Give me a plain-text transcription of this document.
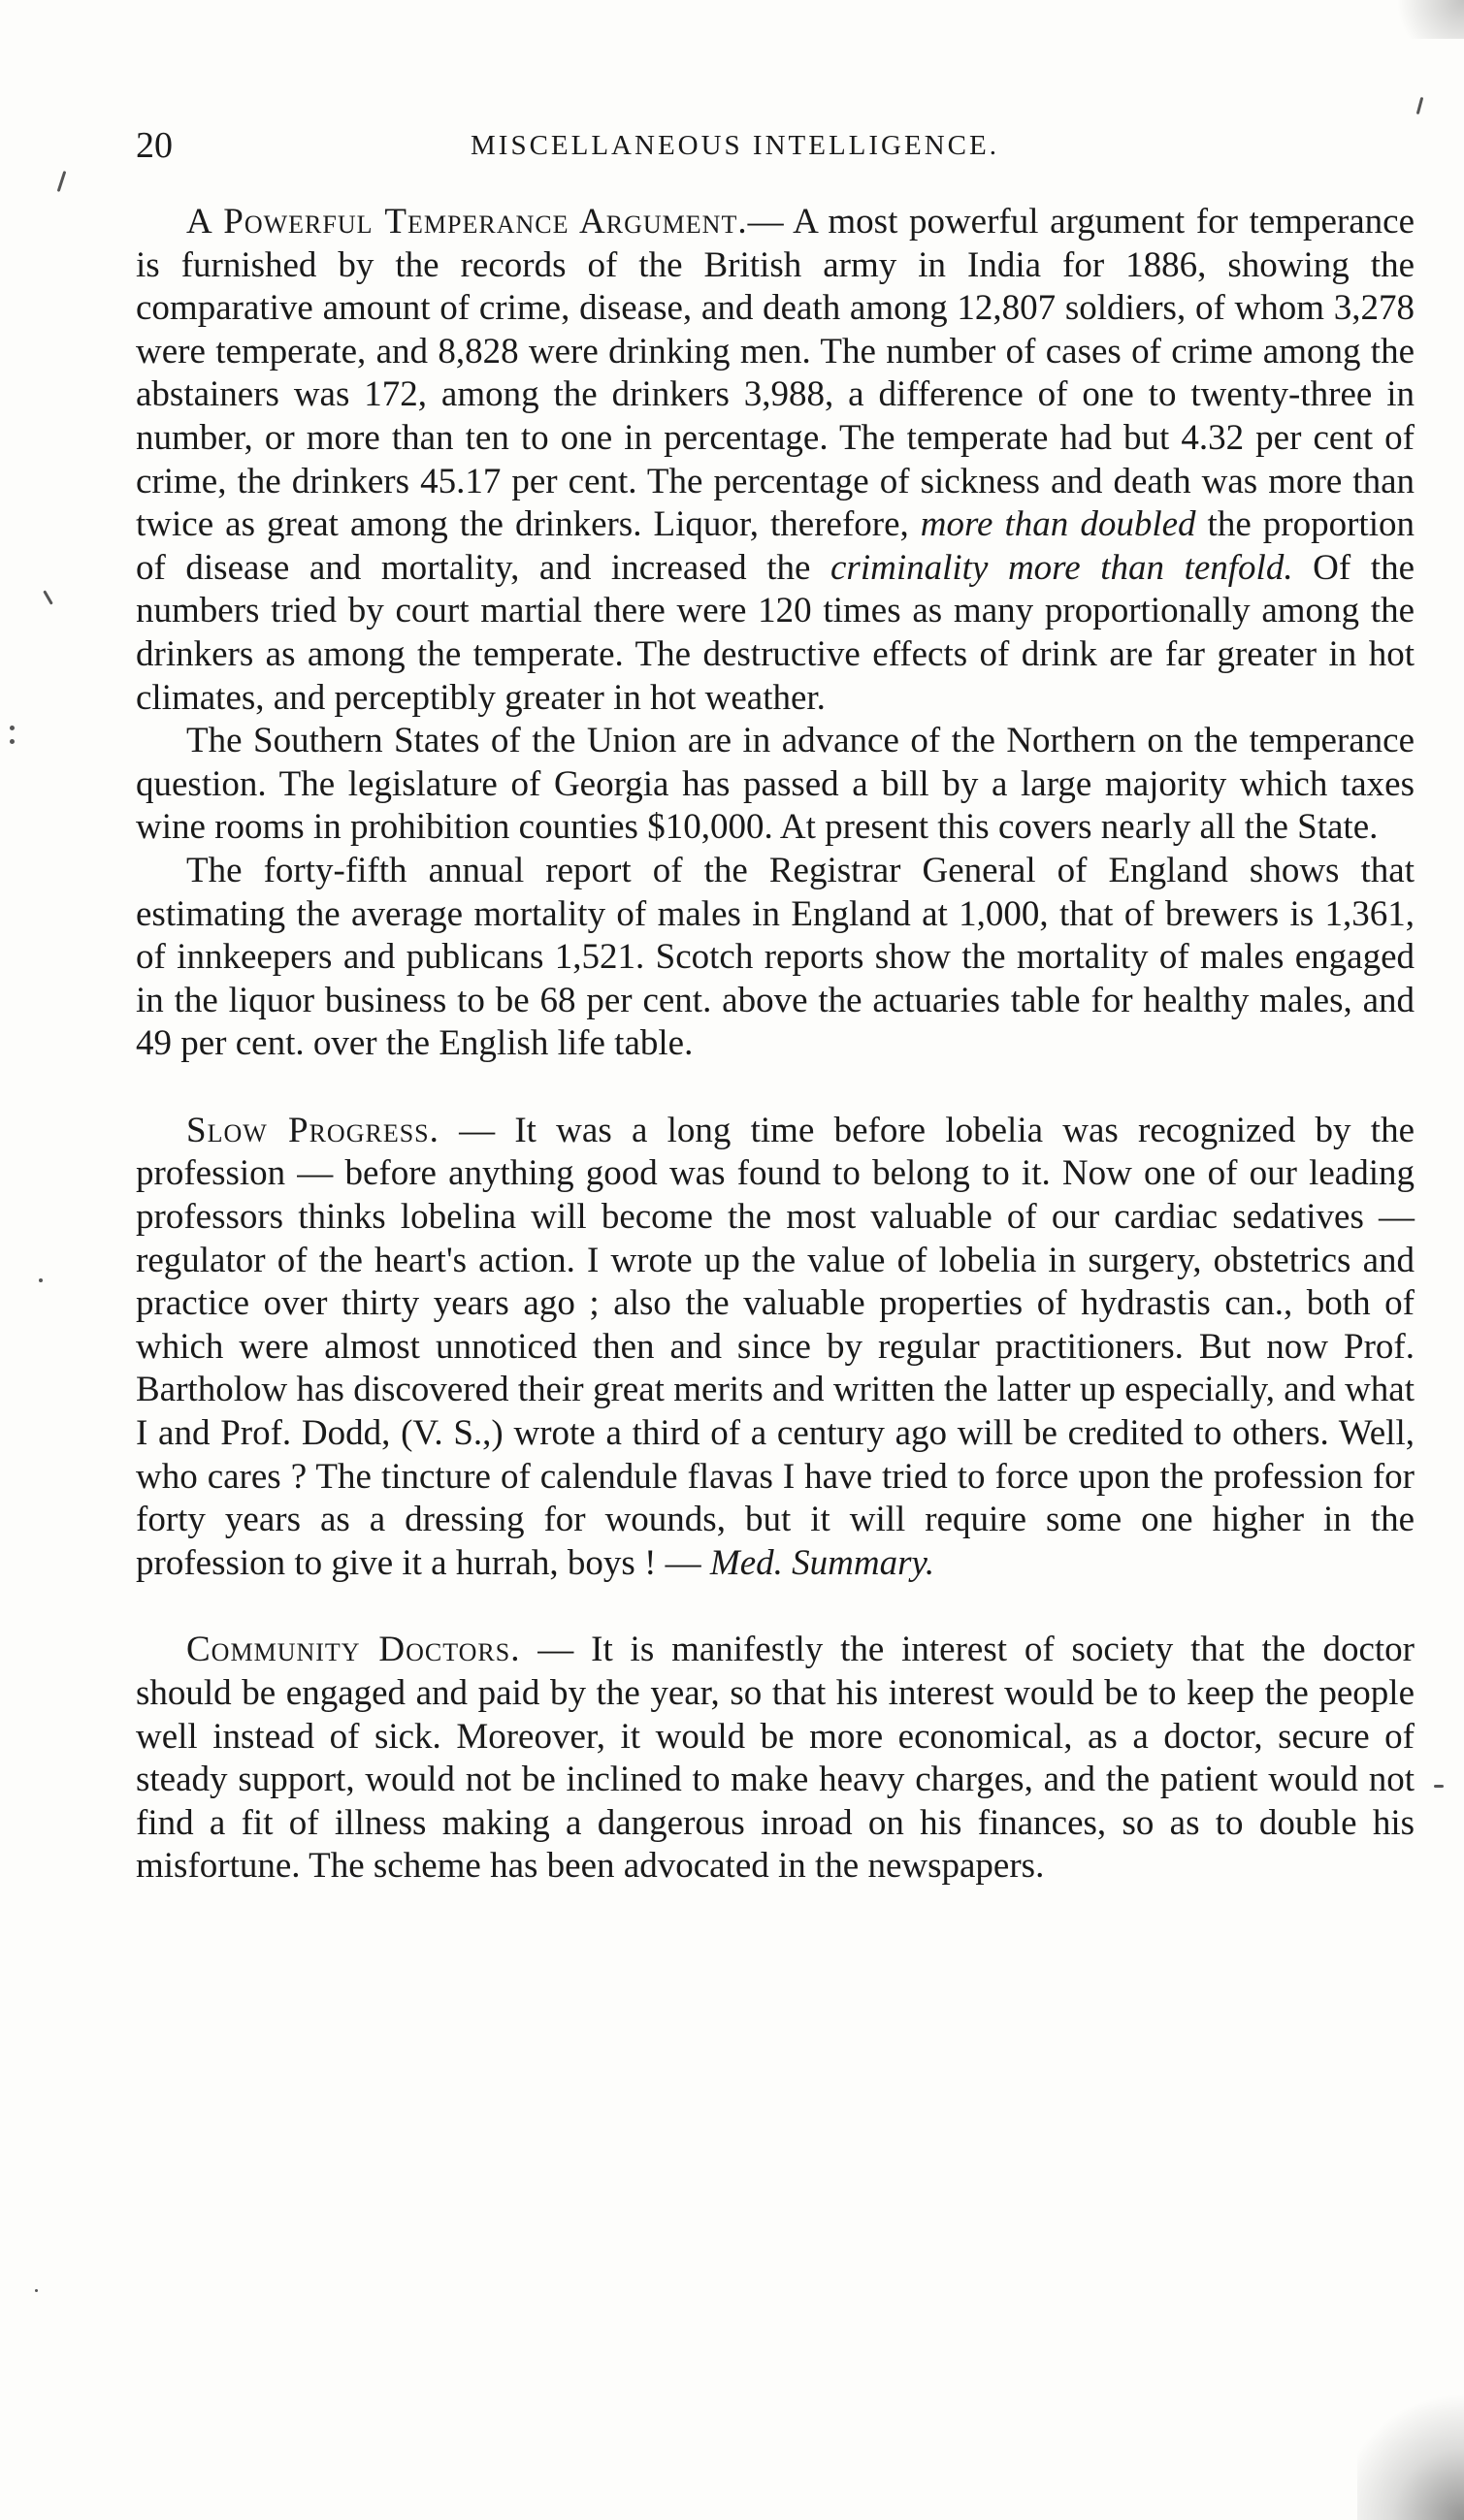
20	MISCELLANEOUS INTELLIGENCE.

A Powerful Temperance Argument.— A most powerful argument for temperance is furnished by the records of the British army in India for 1886, showing the comparative amount of crime, disease, and death among 12,807 soldiers, of whom 3,278 were temperate, and 8,828 were drinking men. The number of cases of crime among the abstainers was 172, among the drinkers 3,988, a difference of one to twenty-three in number, or more than ten to one in percentage. The temperate had but 4.32 per cent of crime, the drinkers 45.17 per cent. The percentage of sickness and death was more than twice as great among the drinkers. Liquor, therefore, more than doubled the proportion of disease and mortality, and increased the criminality more than tenfold. Of the numbers tried by court martial there were 120 times as many proportionally among the drinkers as among the temperate. The destructive effects of drink are far greater in hot climates, and perceptibly greater in hot weather.

The Southern States of the Union are in advance of the Northern on the temperance question. The legislature of Georgia has passed a bill by a large majority which taxes wine rooms in prohibition counties $10,000. At present this covers nearly all the State.

The forty-fifth annual report of the Registrar General of England shows that estimating the average mortality of males in England at 1,000, that of brewers is 1,361, of innkeepers and publicans 1,521. Scotch reports show the mortality of males engaged in the liquor business to be 68 per cent. above the actuaries table for healthy males, and 49 per cent. over the English life table.

Slow Progress. — It was a long time before lobelia was recognized by the profession — before anything good was found to belong to it. Now one of our leading professors thinks lobelina will become the most valuable of our cardiac sedatives — regulator of the heart's action. I wrote up the value of lobelia in surgery, obstetrics and practice over thirty years ago ; also the valuable properties of hydrastis can., both of which were almost unnoticed then and since by regular practitioners. But now Prof. Bartholow has discovered their great merits and written the latter up especially, and what I and Prof. Dodd, (V. S.,) wrote a third of a century ago will be credited to others. Well, who cares ? The tincture of calendule flavas I have tried to force upon the profession for forty years as a dressing for wounds, but it will require some one higher in the profession to give it a hurrah, boys ! — Med. Summary.

Community Doctors. — It is manifestly the interest of society that the doctor should be engaged and paid by the year, so that his interest would be to keep the people well instead of sick. Moreover, it would be more economical, as a doctor, secure of steady support, would not be inclined to make heavy charges, and the patient would not find a fit of illness making a dangerous inroad on his finances, so as to double his misfortune. The scheme has been advocated in the newspapers.
